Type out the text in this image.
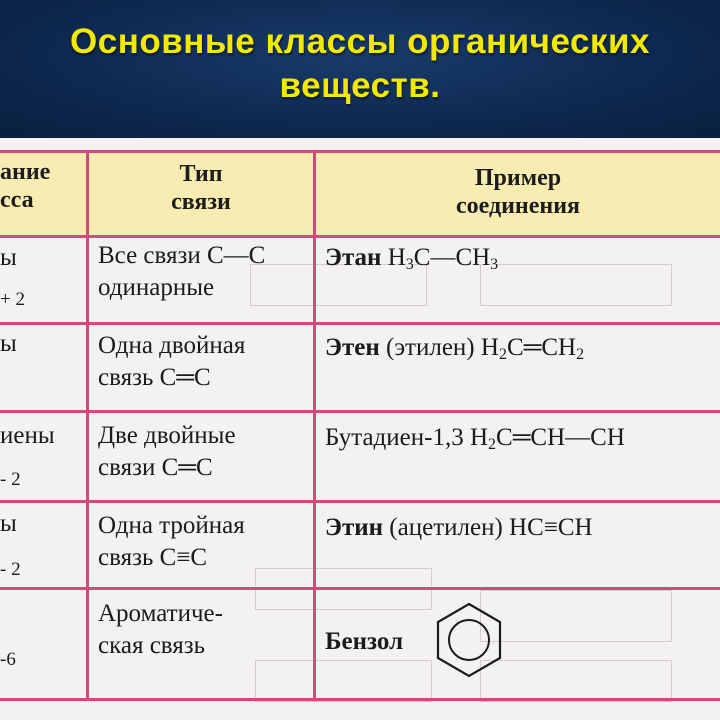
Основные классы органических
веществ.
ание
сса
Тип
связи
Пример
соединения
ы
+ 2
Все связи С—С
одинарные
Этан $H_3C—CH_3$
ы	Одна двойная
связь С═С
Этен (этилен) $H_2C═CH_2$
иены
- 2
Две двойные
связи С═С
Бутадиен-1,3 $H_2C═CH—CH$
ы
- 2
Одна тройная
связь С≡С
Этин (ацетилен) HC≡CH
-6
Ароматиче-
ская связь	Бензол
